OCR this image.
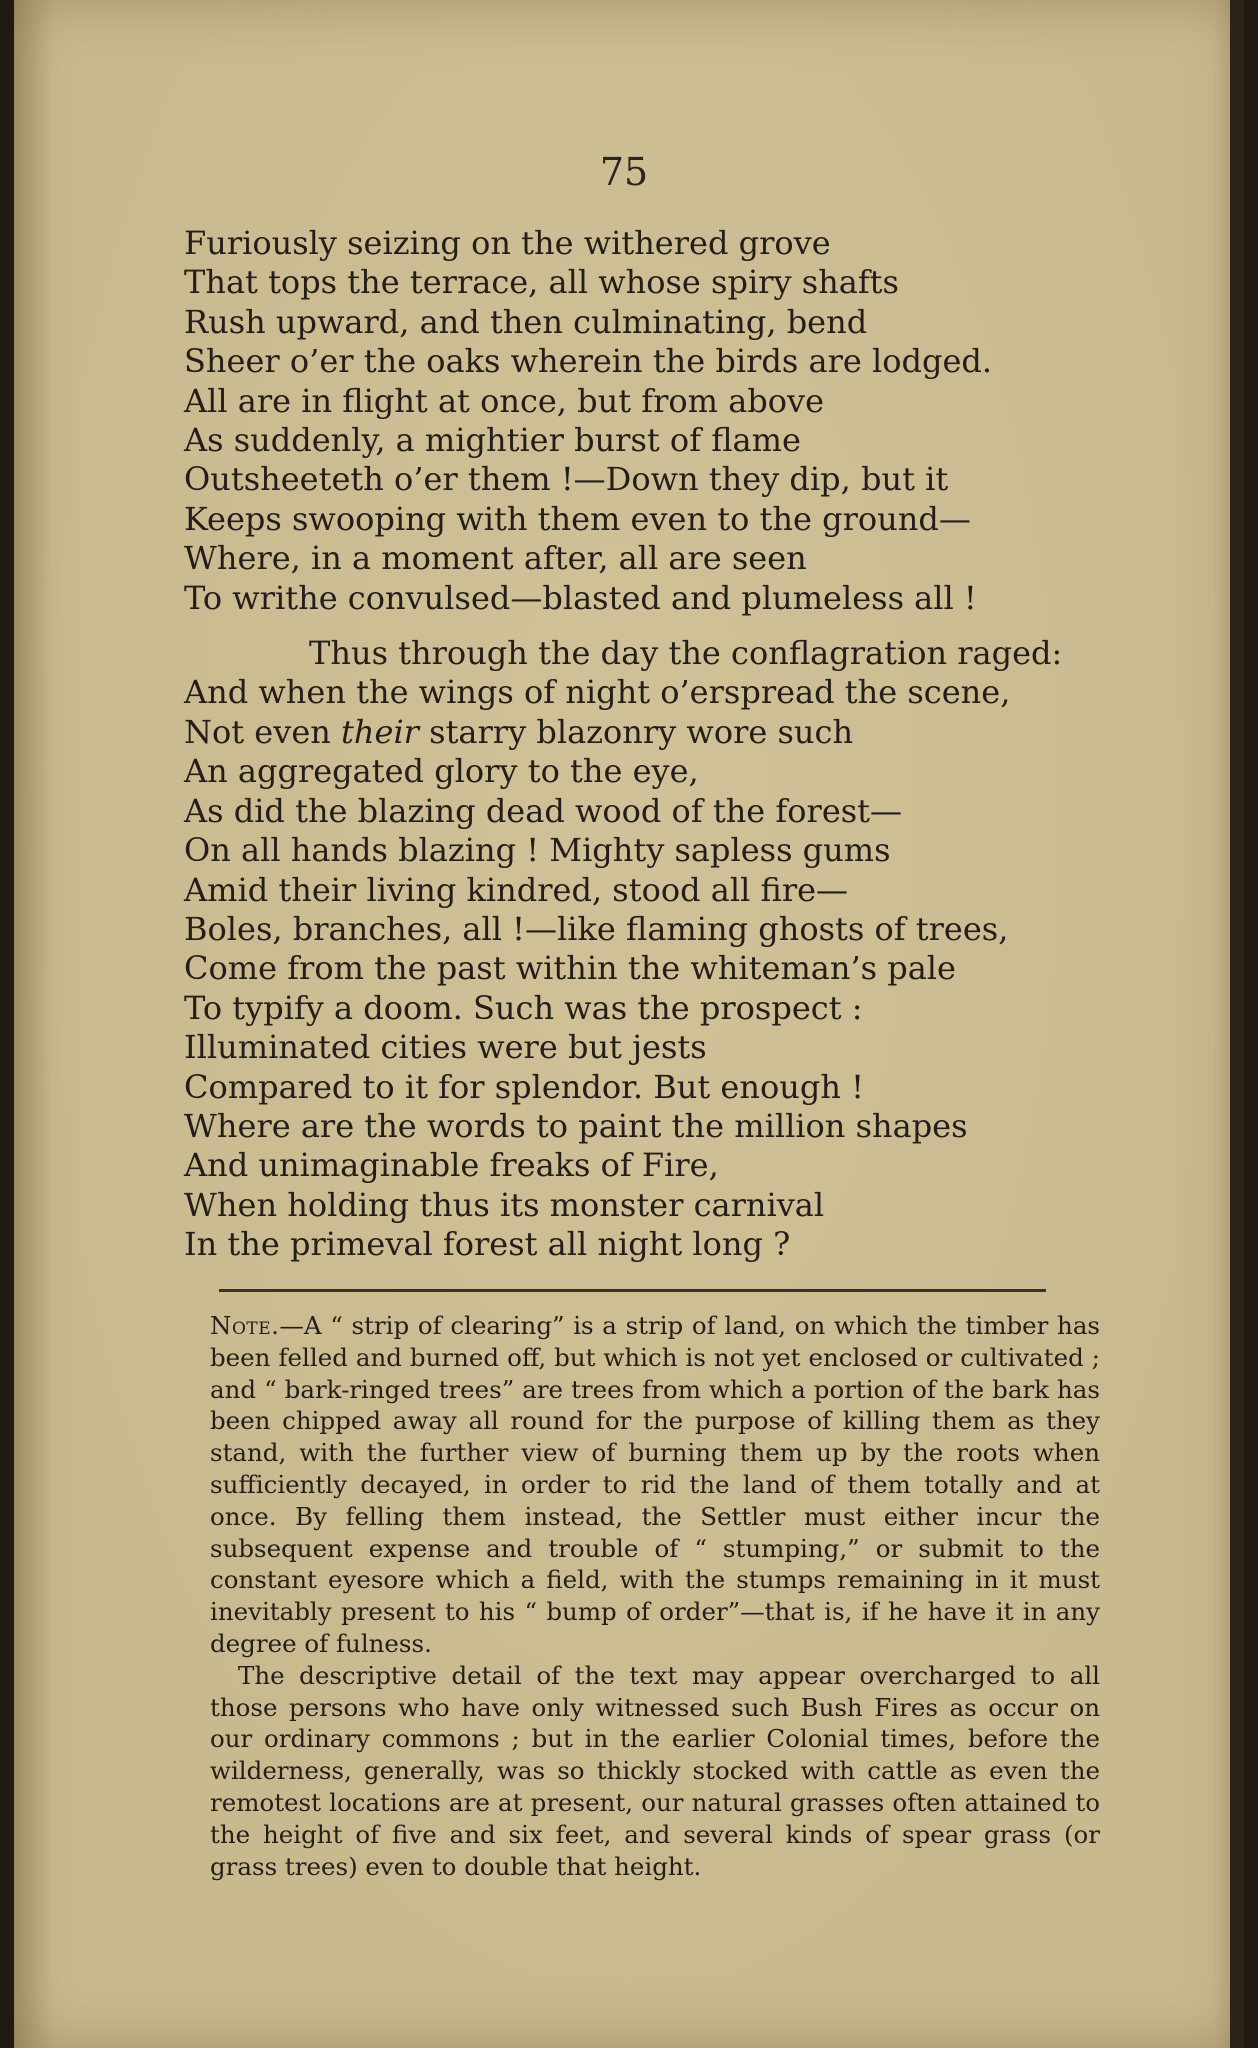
75
Furiously seizing on the withered grove
That tops the terrace, all whose spiry shafts
Rush upward, and then culminating, bend
Sheer o’er the oaks wherein the birds are lodged.
All are in flight at once, but from above
As suddenly, a mightier burst of flame
Outsheeteth o’er them !—Down they dip, but it
Keeps swooping with them even to the ground—
Where, in a moment after, all are seen
To writhe convulsed—blasted and plumeless all !
Thus through the day the conflagration raged:
And when the wings of night o’erspread the scene,
Not even their starry blazonry wore such
An aggregated glory to the eye,
As did the blazing dead wood of the forest—
On all hands blazing ! Mighty sapless gums
Amid their living kindred, stood all fire—
Boles, branches, all !—like flaming ghosts of trees,
Come from the past within the whiteman’s pale
To typify a doom. Such was the prospect :
Illuminated cities were but jests
Compared to it for splendor. But enough !
Where are the words to paint the million shapes
And unimaginable freaks of Fire,
When holding thus its monster carnival
In the primeval forest all night long ?

Note.—A “ strip of clearing” is a strip of land, on which the timber has been felled and burned off, but which is not yet enclosed or cultivated ; and “ bark-ringed trees” are trees from which a portion of the bark has been chipped away all round for the purpose of killing them as they stand, with the further view of burning them up by the roots when sufficiently decayed, in order to rid the land of them totally and at once. By felling them instead, the Settler must either incur the subsequent expense and trouble of “ stumping,” or submit to the constant eyesore which a field, with the stumps remaining in it must inevitably present to his “ bump of order”—that is, if he have it in any degree of fulness.

The descriptive detail of the text may appear overcharged to all those persons who have only witnessed such Bush Fires as occur on our ordinary commons ; but in the earlier Colonial times, before the wilderness, generally, was so thickly stocked with cattle as even the remotest locations are at present, our natural grasses often attained to the height of five and six feet, and several kinds of spear grass (or grass trees) even to double that height.
